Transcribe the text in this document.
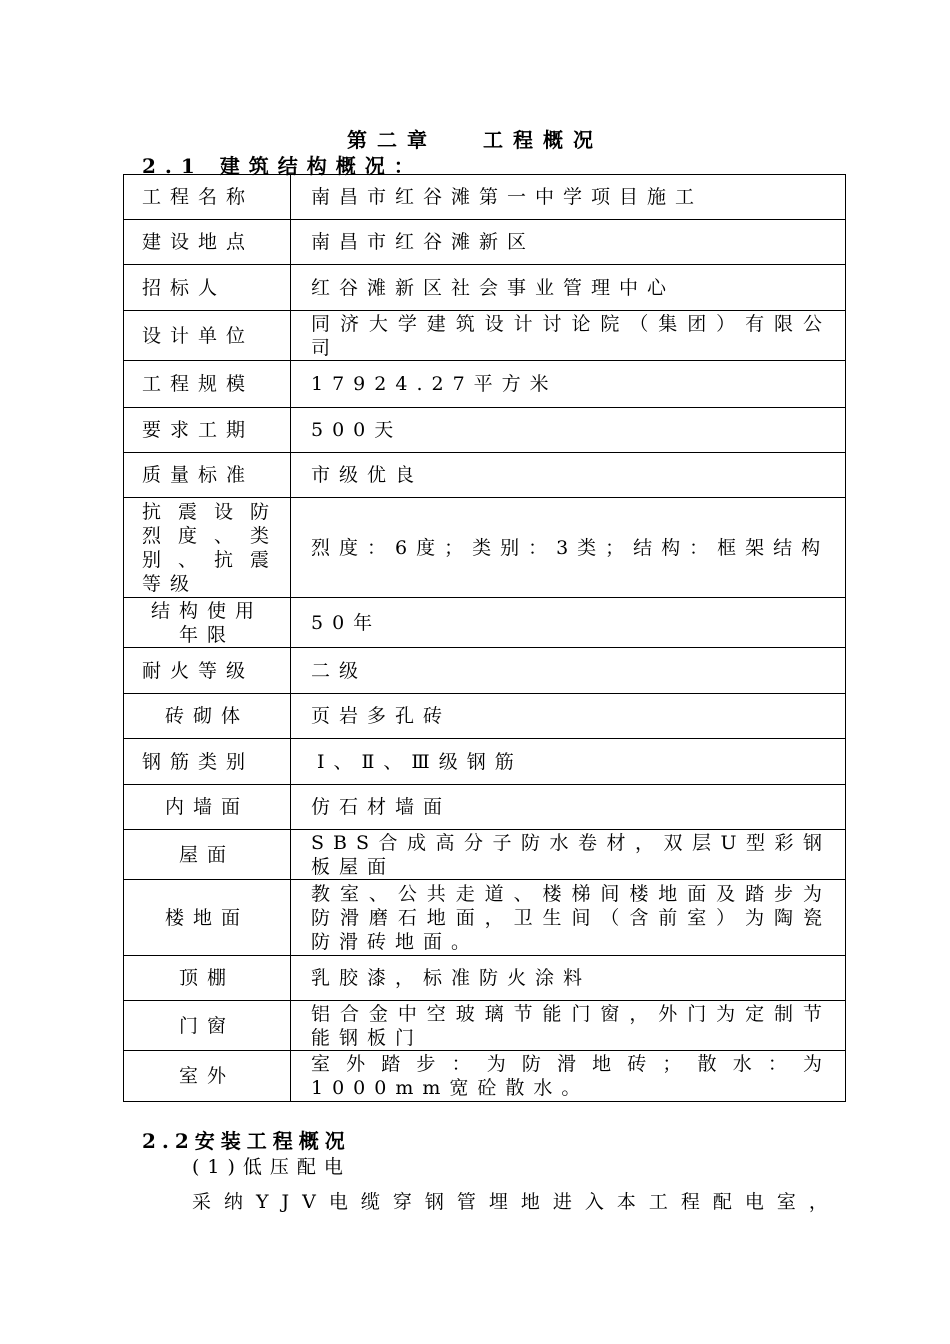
第二章 工程概况
2.1 建筑结构概况：
工程名称	南昌市红谷滩第一中学项目施工

建设地点	南昌市红谷滩新区

招标人	红谷滩新区社会事业管理中心

设计单位	同济大学建筑设计讨论院（集团）有限公司

工程规模	17924.27平方米

要求工期	500天

质量标准	市级优良

抗震设防烈度、类别、抗震等级	烈度：6度；类别：3类；结构：框架结构

结构使用年限	50年

耐火等级	二级

砖砌体	页岩多孔砖

钢筋类别	Ⅰ、Ⅱ、Ⅲ级钢筋

内墙面	仿石材墙面

屋面	SBS合成高分子防水卷材，双层U型彩钢板屋面

楼地面	教室、公共走道、楼梯间楼地面及踏步为防滑磨石地面，卫生间（含前室）为陶瓷防滑砖地面。

顶棚	乳胶漆，标准防火涂料

门窗	铝合金中空玻璃节能门窗，外门为定制节能钢板门

室外	室外踏步：为防滑地砖；散水：为1000mm宽砼散水。
2.2安装工程概况
(1)低压配电
采纳YJV电缆穿钢管埋地进入本工程配电室，
